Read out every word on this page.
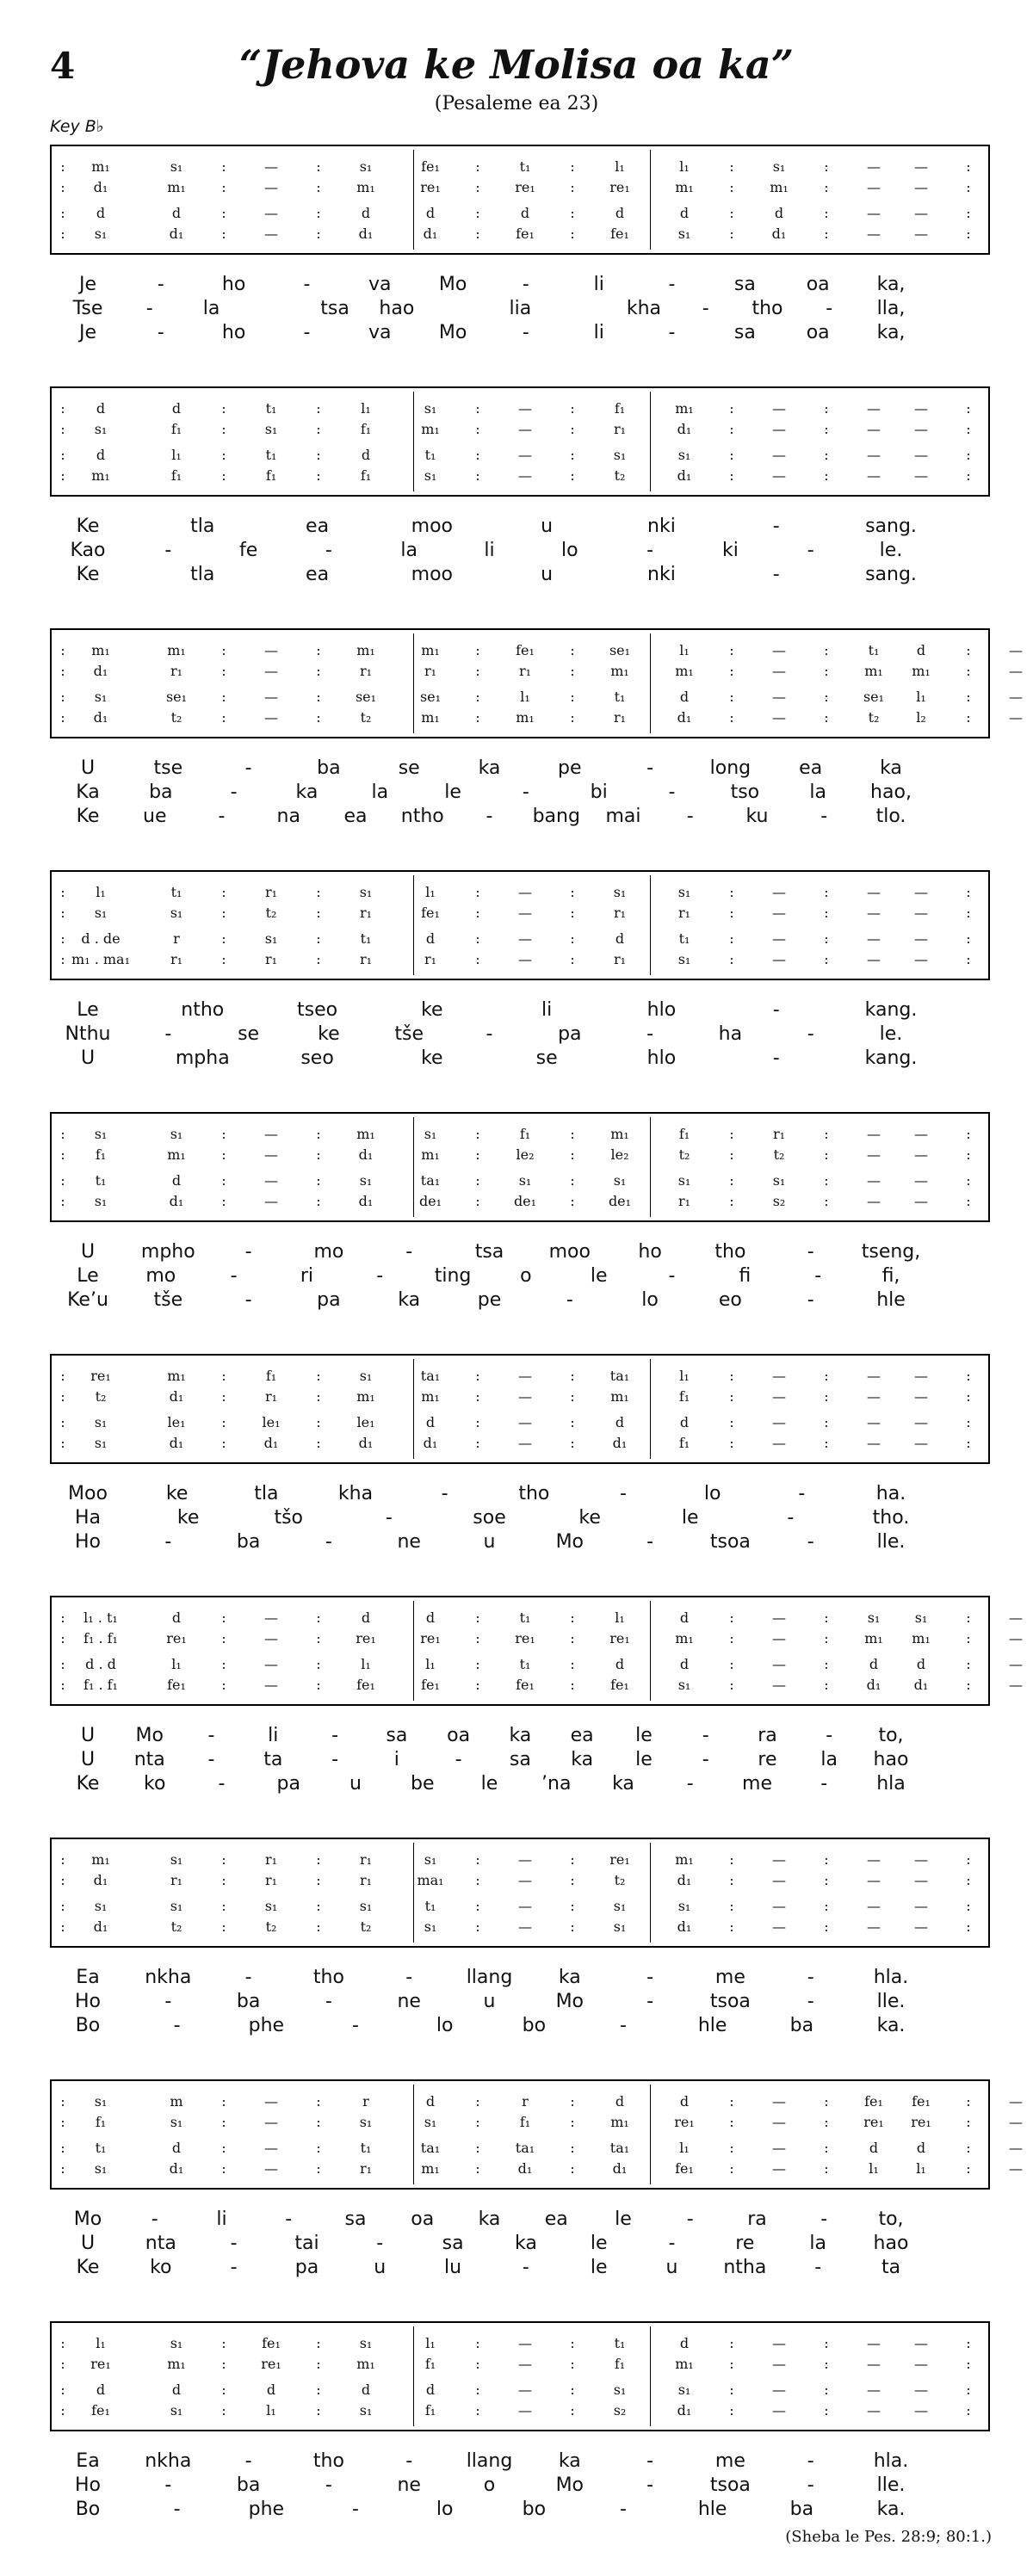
4	“Jehova ke Molisa oa ka”
(Pesaleme ea 23)
Key B♭
: m₁	s₁	:	—	:	s₁	fe₁	:	t₁	:	l₁	l₁	:	s₁	:	— —	:
: d₁	m₁	:	—	:	m₁	re₁	:	re₁	:	re₁	m₁	:	m₁	:	— —	:
: d	d	:	—	:	d	d	:	d	:	d	d	:	d	:	— —	:
: s₁	d₁	:	—	:	d₁	d₁	:	fe₁	:	fe₁	s₁	:	d₁	:	— —	:
Je	-	ho	-	va	Mo	-	li	-	sa	oa ka,
Tse -	la	tsa hao	lia	kha - tho - lla,
Je	-	ho	-	va	Mo	-	li	-	sa	oa ka,
: d	d	:	t₁	:	l₁	s₁	:	—	:	f₁	m₁	:	—	:	— —	:
: s₁	f₁	:	s₁	:	f₁	m₁	:	—	:	r₁	d₁	:	—	:	— —	:
: d	l₁	:	t₁	:	d	t₁	:	—	:	s₁	s₁	:	—	:	— —	:
: m₁	f₁	:	f₁	:	f₁	s₁	:	—	:	t₂	d₁	:	—	:	— —	:
Ke	tla	ea	moo	u	nki	-	sang.
Kao	-	fe	-	la	li	lo	-	ki	-	le.
Ke	tla	ea	moo	u	nki	-	sang.
: m₁	m₁	:	—	:	m₁	m₁	:	fe₁	:	se₁	l₁	:	—	:	t₁	d	:	—
: d₁	r₁	:	—	:	r₁	r₁	:	r₁	:	m₁	m₁	:	—	:	m₁ m₁	:	—
: s₁	se₁	:	—	:	se₁	se₁	:	l₁	:	t₁	d	:	—	:	se₁ l₁	:	—
: d₁	t₂	:	—	:	t₂	m₁	:	m₁	:	r₁	d₁	:	—	:	t₂	l₂	:	—
U	tse	-	ba	se	ka	pe	-	long	ea	ka
Ka	ba	-	ka	la	le	-	bi	-	tso	la hao,
Ke ue	-	na ea ntho - bang mai -	ku	-	tlo.
: l₁	t₁	:	r₁	:	s₁	l₁	:	—	:	s₁	s₁	:	—	:	— —	:
: s₁	s₁	:	t₂	:	r₁	fe₁	:	—	:	r₁	r₁	:	—	:	— —	:
: d . de	r	:	s₁	:	t₁	d	:	—	:	d	t₁	:	—	:	— —	:
: m₁ . ma₁	r₁	:	r₁	:	r₁	r₁	:	—	:	r₁	s₁	:	—	:	— —	:
Le	ntho	tseo	ke	li	hlo	-	kang.
Nthu	-	se	ke	tše	-	pa	-	ha	-	le.
U	mpha	seo	ke	se	hlo	-	kang.
: s₁	s₁	:	—	:	m₁	s₁	:	f₁	:	m₁	f₁	:	r₁	:	— —	:
: f₁	m₁	:	—	:	d₁	m₁	:	le₂	:	le₂	t₂	:	t₂	:	— —	:
: t₁	d	:	—	:	s₁	ta₁	:	s₁	:	s₁	s₁	:	s₁	:	— —	:
: s₁	d₁	:	—	:	d₁	de₁ : de₁ : de₁	r₁	:	s₂	:	— —	:
U mpho	-	mo	-	tsa moo	ho	tho	-	tseng,
Le mo	-	ri	-	ting	o	le	-	fi	-	fi,
Ke’u tše	-	pa	ka	pe	-	lo	eo	-	hle
: re₁	m₁	:	f₁	:	s₁	ta₁	:	—	:	ta₁	l₁	:	—	:	— —	:
: t₂	d₁	:	r₁	:	m₁	m₁	:	—	:	m₁	f₁	:	—	:	— —	:
: s₁	le₁	:	le₁	:	le₁	d	:	—	:	d	d	:	—	:	— —	:
: s₁	d₁	:	d₁	:	d₁	d₁	:	—	:	d₁	f₁	:	—	:	— —	:
Moo	ke	tla	kha	-	tho	-	lo	-	ha.
Ha	ke	tšo	-	soe	ke	le	-	tho.
Ho	-	ba	-	ne	u	Mo	-	tsoa	-	lle.
: l₁ . t₁	d	:	—	:	d	d	:	t₁	:	l₁	d	:	—	:	s₁	s₁	:	—
: f₁ . f₁	re₁	:	—	:	re₁	re₁	:	re₁	:	re₁	m₁	:	—	:	m₁ m₁	:	—
: d . d	l₁	:	—	:	l₁	l₁	:	t₁	:	d	d	:	—	:	d	d	:	—
: f₁ . f₁	fe₁	:	—	:	fe₁	fe₁	:	fe₁	:	fe₁	s₁	:	—	:	d₁ d₁	:	—
U Mo -	li	-	sa oa ka ea le	-	ra	- to,
U nta -	ta	-	i	-	sa ka le	-	re la hao
Ke ko	-	pa	u	be le ’na ka	-	me	-	hla
: m₁	s₁	:	r₁	:	r₁	s₁	:	—	:	re₁	m₁	:	—	:	— —	:
: d₁	r₁	:	r₁	:	r₁	ma₁ :	—	:	t₂	d₁	:	—	:	— —	:
: s₁	s₁	:	s₁	:	s₁	t₁	:	—	:	s₁	s₁	:	—	:	— —	:
: d₁	t₂	:	t₂	:	t₂	s₁	:	—	:	s₁	d₁	:	—	:	— —	:
Ea nkha	-	tho	-	llang ka	-	me	-	hla.
Ho	-	ba	-	ne	u	Mo	-	tsoa	-	lle.
Bo	-	phe	-	lo	bo	-	hle	ba	ka.
: s₁	m	:	—	:	r	d	:	r	:	d	d	:	—	:	fe₁ fe₁	:	—
: f₁	s₁	:	—	:	s₁	s₁	:	f₁	:	m₁	re₁	:	—	:	re₁ re₁	:	—
: t₁	d	:	—	:	t₁	ta₁	:	ta₁	:	ta₁	l₁	:	—	:	d	d	:	—
: s₁	d₁	:	—	:	r₁	m₁	:	d₁	:	d₁	fe₁	:	—	:	l₁	l₁	:	—
Mo	-	li	-	sa oa ka ea le	-	ra	-	to,
U	nta	-	tai	-	sa	ka	le	-	re	la hao
Ke	ko	-	pa	u	lu	-	le	u ntha	-	ta
: l₁	s₁	:	fe₁	:	s₁	l₁	:	—	:	t₁	d	:	—	:	— —	:
: re₁	m₁	:	re₁	:	m₁	f₁	:	—	:	f₁	m₁	:	—	:	— —	:
: d	d	:	d	:	d	d	:	—	:	s₁	s₁	:	—	:	— —	:
: fe₁	s₁	:	l₁	:	s₁	f₁	:	—	:	s₂	d₁	:	—	:	— —	:
Ea nkha	-	tho	-	llang ka	-	me	-	hla.
Ho	-	ba	-	ne	o	Mo	-	tsoa	-	lle.
Bo	-	phe	-	lo	bo	-	hle	ba	ka.
(Sheba le Pes. 28:9; 80:1.)
